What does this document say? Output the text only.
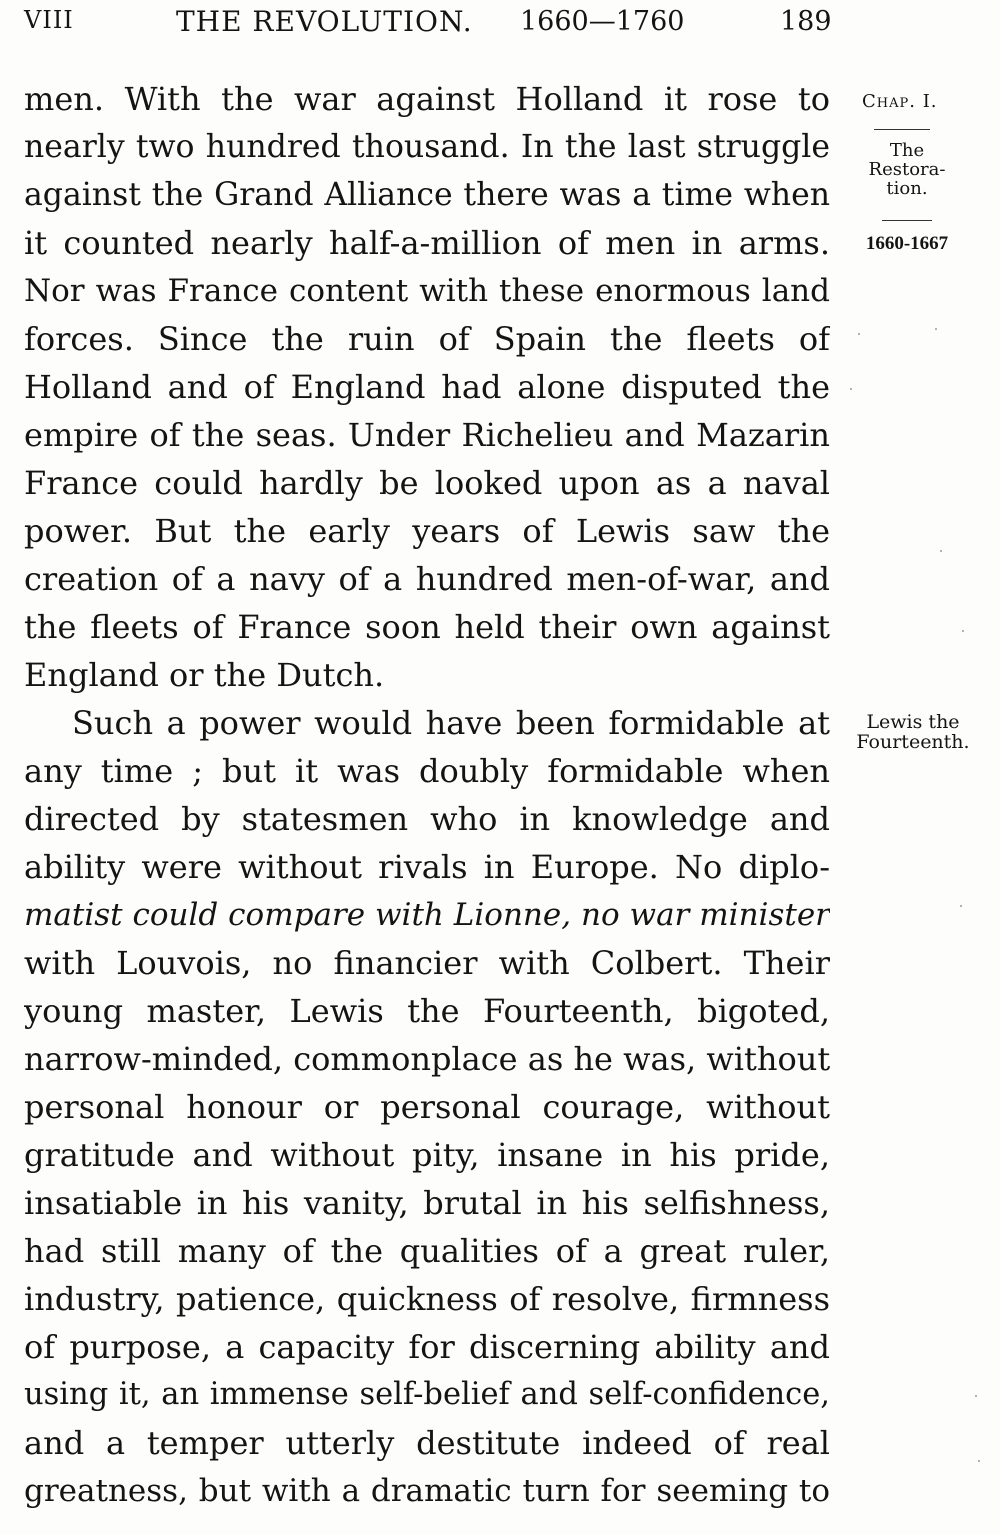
VIII	THE REVOLUTION. 1660—1760	189
men. With the war against Holland it rose to
nearly two hundred thousand. In the last struggle
against the Grand Alliance there was a time when
it counted nearly half-a-million of men in arms.
Nor was France content with these enormous land
forces. Since the ruin of Spain the fleets of
Holland and of England had alone disputed the
empire of the seas. Under Richelieu and Mazarin
France could hardly be looked upon as a naval
power. But the early years of Lewis saw the
creation of a navy of a hundred men-of-war, and
the fleets of France soon held their own against
England or the Dutch.
Such a power would have been formidable at
any time ; but it was doubly formidable when
directed by statesmen who in knowledge and
ability were without rivals in Europe. No diplo-
matist could compare with Lionne, no war minister
with Louvois, no financier with Colbert. Their
young master, Lewis the Fourteenth, bigoted,
narrow-minded, commonplace as he was, without
personal honour or personal courage, without
gratitude and without pity, insane in his pride,
insatiable in his vanity, brutal in his selfishness,
had still many of the qualities of a great ruler,
industry, patience, quickness of resolve, firmness
of purpose, a capacity for discerning ability and
using it, an immense self-belief and self-confidence,
and a temper utterly destitute indeed of real
greatness, but with a dramatic turn for seeming to
Chap. I.
The
Restora-
tion.
1660-1667
Lewis the
Fourteenth.
